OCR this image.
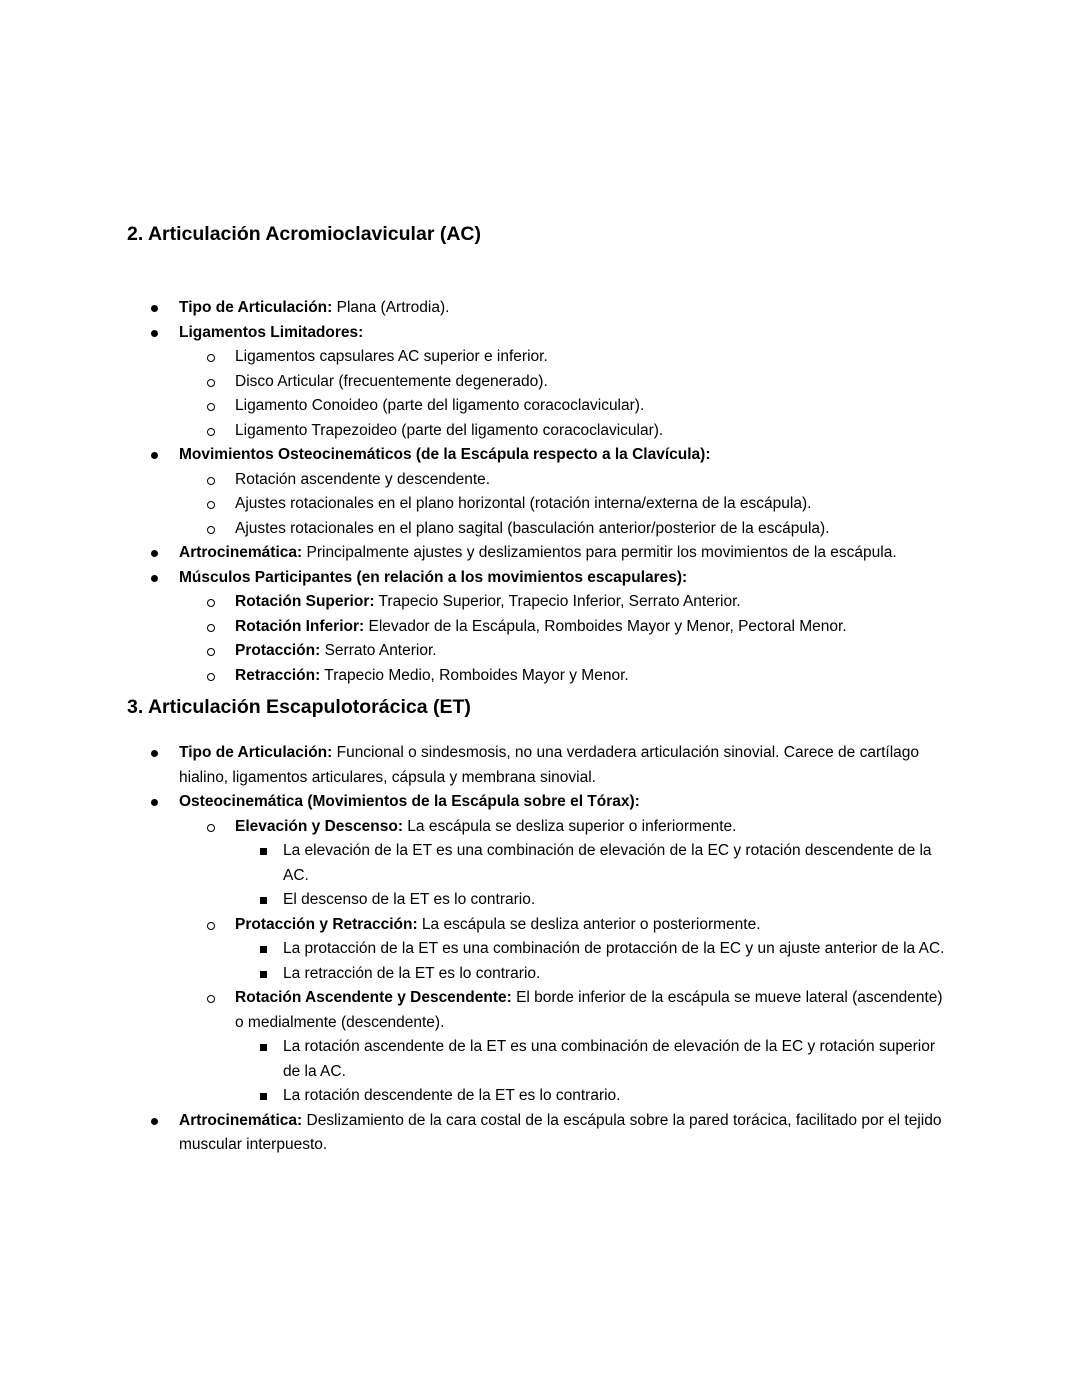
2. Articulación Acromioclavicular (AC)
Tipo de Articulación: Plana (Artrodia).
Ligamentos Limitadores:
Ligamentos capsulares AC superior e inferior.
Disco Articular (frecuentemente degenerado).
Ligamento Conoideo (parte del ligamento coracoclavicular).
Ligamento Trapezoideo (parte del ligamento coracoclavicular).
Movimientos Osteocinemáticos (de la Escápula respecto a la Clavícula):
Rotación ascendente y descendente.
Ajustes rotacionales en el plano horizontal (rotación interna/externa de la escápula).
Ajustes rotacionales en el plano sagital (basculación anterior/posterior de la escápula).
Artrocinemática: Principalmente ajustes y deslizamientos para permitir los movimientos de la escápula.
Músculos Participantes (en relación a los movimientos escapulares):
Rotación Superior: Trapecio Superior, Trapecio Inferior, Serrato Anterior.
Rotación Inferior: Elevador de la Escápula, Romboides Mayor y Menor, Pectoral Menor.
Protacción: Serrato Anterior.
Retracción: Trapecio Medio, Romboides Mayor y Menor.
3. Articulación Escapulotorácica (ET)
Tipo de Articulación: Funcional o sindesmosis, no una verdadera articulación sinovial. Carece de cartílago hialino, ligamentos articulares, cápsula y membrana sinovial.
Osteocinemática (Movimientos de la Escápula sobre el Tórax):
Elevación y Descenso: La escápula se desliza superior o inferiormente.
La elevación de la ET es una combinación de elevación de la EC y rotación descendente de la AC.
El descenso de la ET es lo contrario.
Protacción y Retracción: La escápula se desliza anterior o posteriormente.
La protacción de la ET es una combinación de protacción de la EC y un ajuste anterior de la AC.
La retracción de la ET es lo contrario.
Rotación Ascendente y Descendente: El borde inferior de la escápula se mueve lateral (ascendente) o medialmente (descendente).
La rotación ascendente de la ET es una combinación de elevación de la EC y rotación superior de la AC.
La rotación descendente de la ET es lo contrario.
Artrocinemática: Deslizamiento de la cara costal de la escápula sobre la pared torácica, facilitado por el tejido muscular interpuesto.
